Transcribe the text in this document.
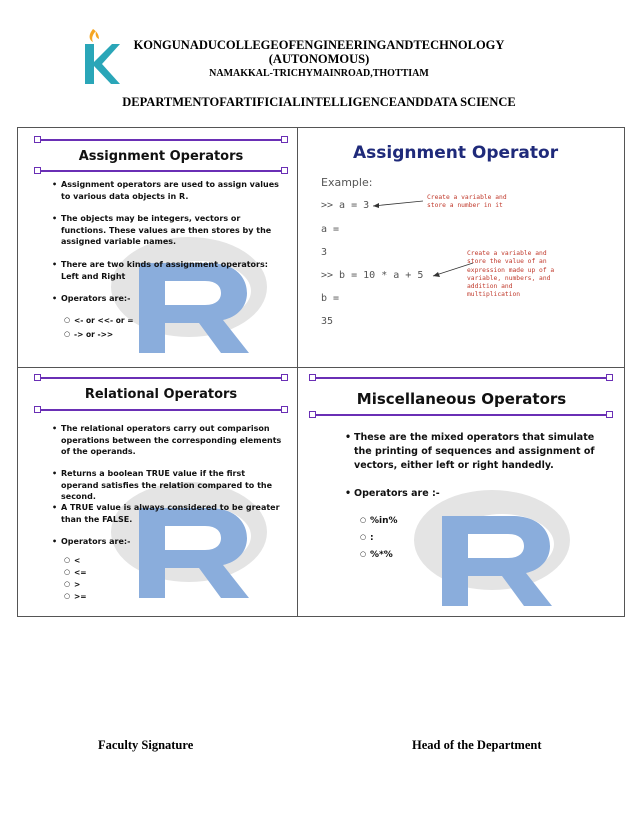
KONGUNADUCOLLEGEOFENGINEERINGANDTECHNOLOGY
(AUTONOMOUS)
NAMAKKAL-TRICHYMAINROAD,THOTTIAM
DEPARTMENTOFARTIFICIALINTELLIGENCEANDDATA SCIENCE
Assignment Operators
• Assignment operators are used to assign values to various data objects in R.
• The objects may be integers, vectors or functions. These values are then stores by the assigned variable names.
• There are two kinds of assignment operators: Left and Right
• Operators are:-
○ <- or <<- or =
○ -> or ->>
Assignment Operator
Example:
>> a = 3
a =
3
>> b = 10 * a + 5
b =
35
Create a variable and
store a number in it
Create a variable and
store the value of an
expression made up of a
variable, numbers, and
addition and
multiplication
Relational Operators
• The relational operators carry out comparison operations between the corresponding elements of the operands.
• Returns a boolean TRUE value if the first operand satisfies the relation compared to the second.
• A TRUE value is always considered to be greater than the FALSE.
• Operators are:-
○ <
○ <=
○ >
○ >=
Miscellaneous Operators
• These are the mixed operators that simulate the printing of sequences and assignment of vectors, either left or right handedly.
• Operators are :-
○ %in%
○ :
○ %*%
Faculty Signature	Head of the Department
